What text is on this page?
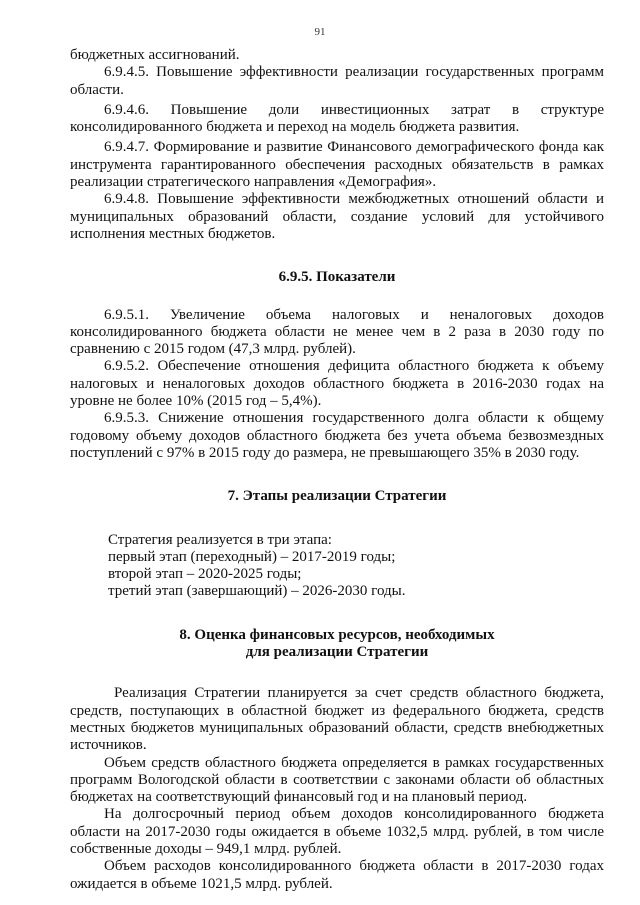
91

бюджетных ассигнований.

6.9.4.5. Повышение эффективности реализации государственных программ области.

6.9.4.6. Повышение доли инвестиционных затрат в структуре консолидированного бюджета и переход на модель бюджета развития.

6.9.4.7. Формирование и развитие Финансового демографического фонда как инструмента гарантированного обеспечения расходных обязательств в рамках реализации стратегического направления «Демография».

6.9.4.8. Повышение эффективности межбюджетных отношений области и муниципальных образований области, создание условий для устойчивого исполнения местных бюджетов.

6.9.5. Показатели

6.9.5.1. Увеличение объема налоговых и неналоговых доходов консолидированного бюджета области не менее чем в 2 раза в 2030 году по сравнению с 2015 годом (47,3 млрд. рублей).

6.9.5.2. Обеспечение отношения дефицита областного бюджета к объему налоговых и неналоговых доходов областного бюджета в 2016-2030 годах на уровне не более 10% (2015 год – 5,4%).

6.9.5.3. Снижение отношения государственного долга области к общему годовому объему доходов областного бюджета без учета объема безвозмездных поступлений с 97% в 2015 году до размера, не превышающего 35% в 2030 году.

7. Этапы реализации Стратегии
Стратегия реализуется в три этапа:
первый этап (переходный) – 2017-2019 годы;
второй этап – 2020-2025 годы;
третий этап (завершающий) – 2026-2030 годы.
8. Оценка финансовых ресурсов, необходимых
для реализации Стратегии

Реализация Стратегии планируется за счет средств областного бюджета, средств, поступающих в областной бюджет из федерального бюджета, средств местных бюджетов муниципальных образований области, средств внебюджетных источников.

Объем средств областного бюджета определяется в рамках государственных программ Вологодской области в соответствии с законами области об областных бюджетах на соответствующий финансовый год и на плановый период.

На долгосрочный период объем доходов консолидированного бюджета области на 2017-2030 годы ожидается в объеме 1032,5 млрд. рублей, в том числе собственные доходы – 949,1 млрд. рублей.

Объем расходов консолидированного бюджета области в 2017-2030 годах ожидается в объеме 1021,5 млрд. рублей.
